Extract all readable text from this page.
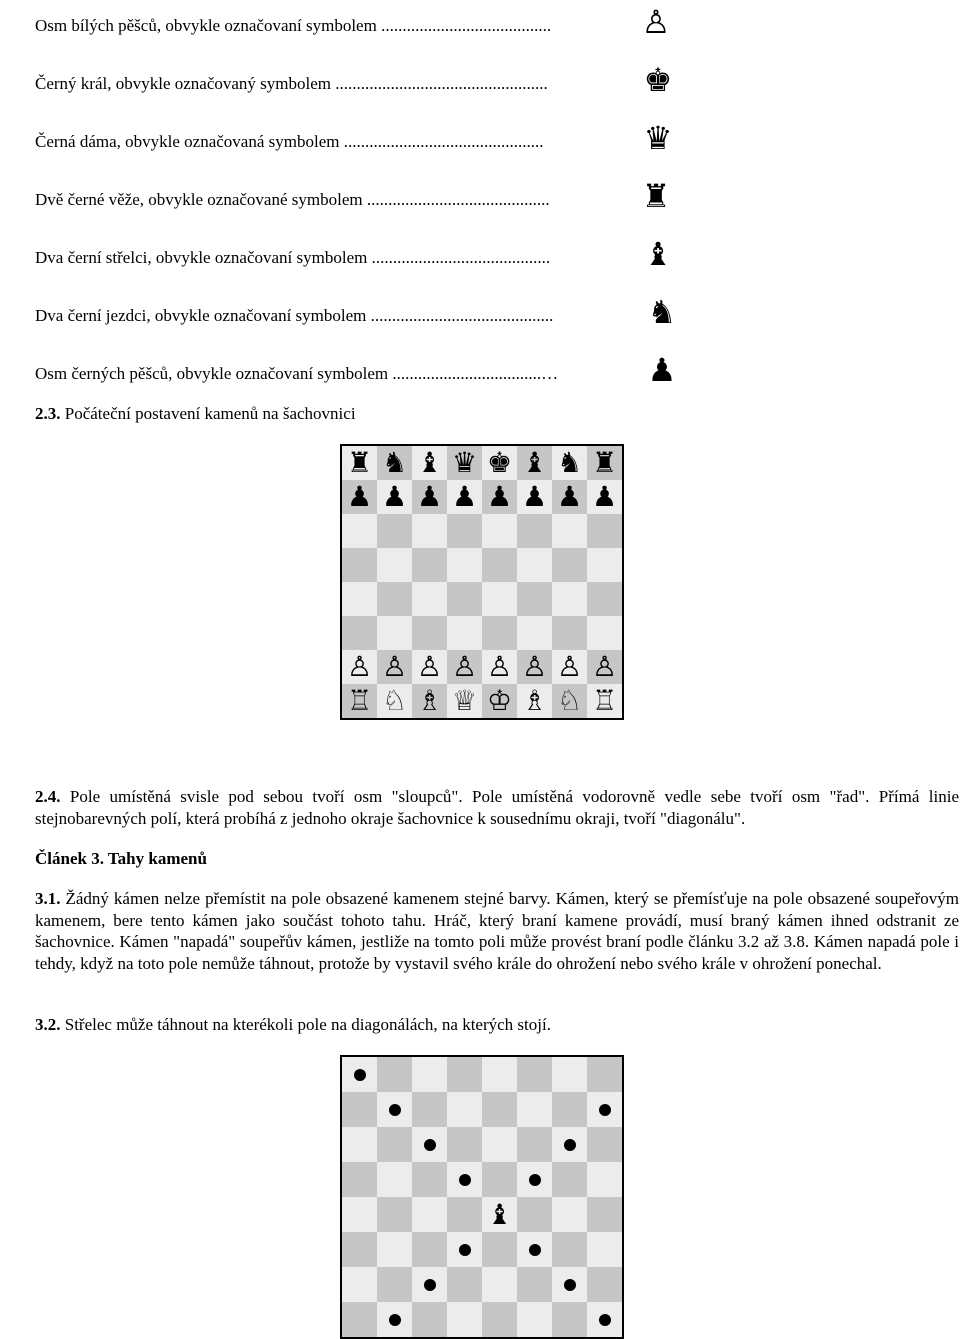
Osm bílých pěšců, obvykle označovaní symbolem ........................................	♙
Černý král, obvykle označovaný symbolem ..................................................	♚
Černá dáma, obvykle označovaná symbolem ...............................................	♛
Dvě černé věže, obvykle označované symbolem ...........................................	♜
Dva černí střelci, obvykle označovaní symbolem ..........................................	♝
Dva černí jezdci, obvykle označovaní symbolem ...........................................	♞
Osm černých pěšců, obvykle označovaní symbolem ...................................…	♟
2.3. Počáteční postavení kamenů na šachovnici
♜ ♞ ♝ ♛ ♚ ♝ ♞ ♜
♟ ♟ ♟ ♟ ♟ ♟ ♟ ♟
♙ ♙ ♙ ♙ ♙ ♙ ♙ ♙
♖ ♘ ♗ ♕ ♔ ♗ ♘ ♖
2.4. Pole umístěná svisle pod sebou tvoří osm "sloupců". Pole umístěná vodorovně vedle sebe tvoří osm "řad". Přímá linie stejnobarevných polí, která probíhá z jednoho okraje šachovnice k sousednímu okraji, tvoří "diagonálu".
Článek 3. Tahy kamenů
3.1. Žádný kámen nelze přemístit na pole obsazené kamenem stejné barvy. Kámen, který se přemísťuje na pole obsazené soupeřovým kamenem, bere tento kámen jako součást tohoto tahu. Hráč, který braní kamene provádí, musí braný kámen ihned odstranit ze šachovnice. Kámen "napadá" soupeřův kámen, jestliže na tomto poli může provést braní podle článku 3.2 až 3.8. Kámen napadá pole i tehdy, když na toto pole nemůže táhnout, protože by vystavil svého krále do ohrožení nebo svého krále v ohrožení ponechal.
3.2. Střelec může táhnout na kterékoli pole na diagonálách, na kterých stojí.
♝
